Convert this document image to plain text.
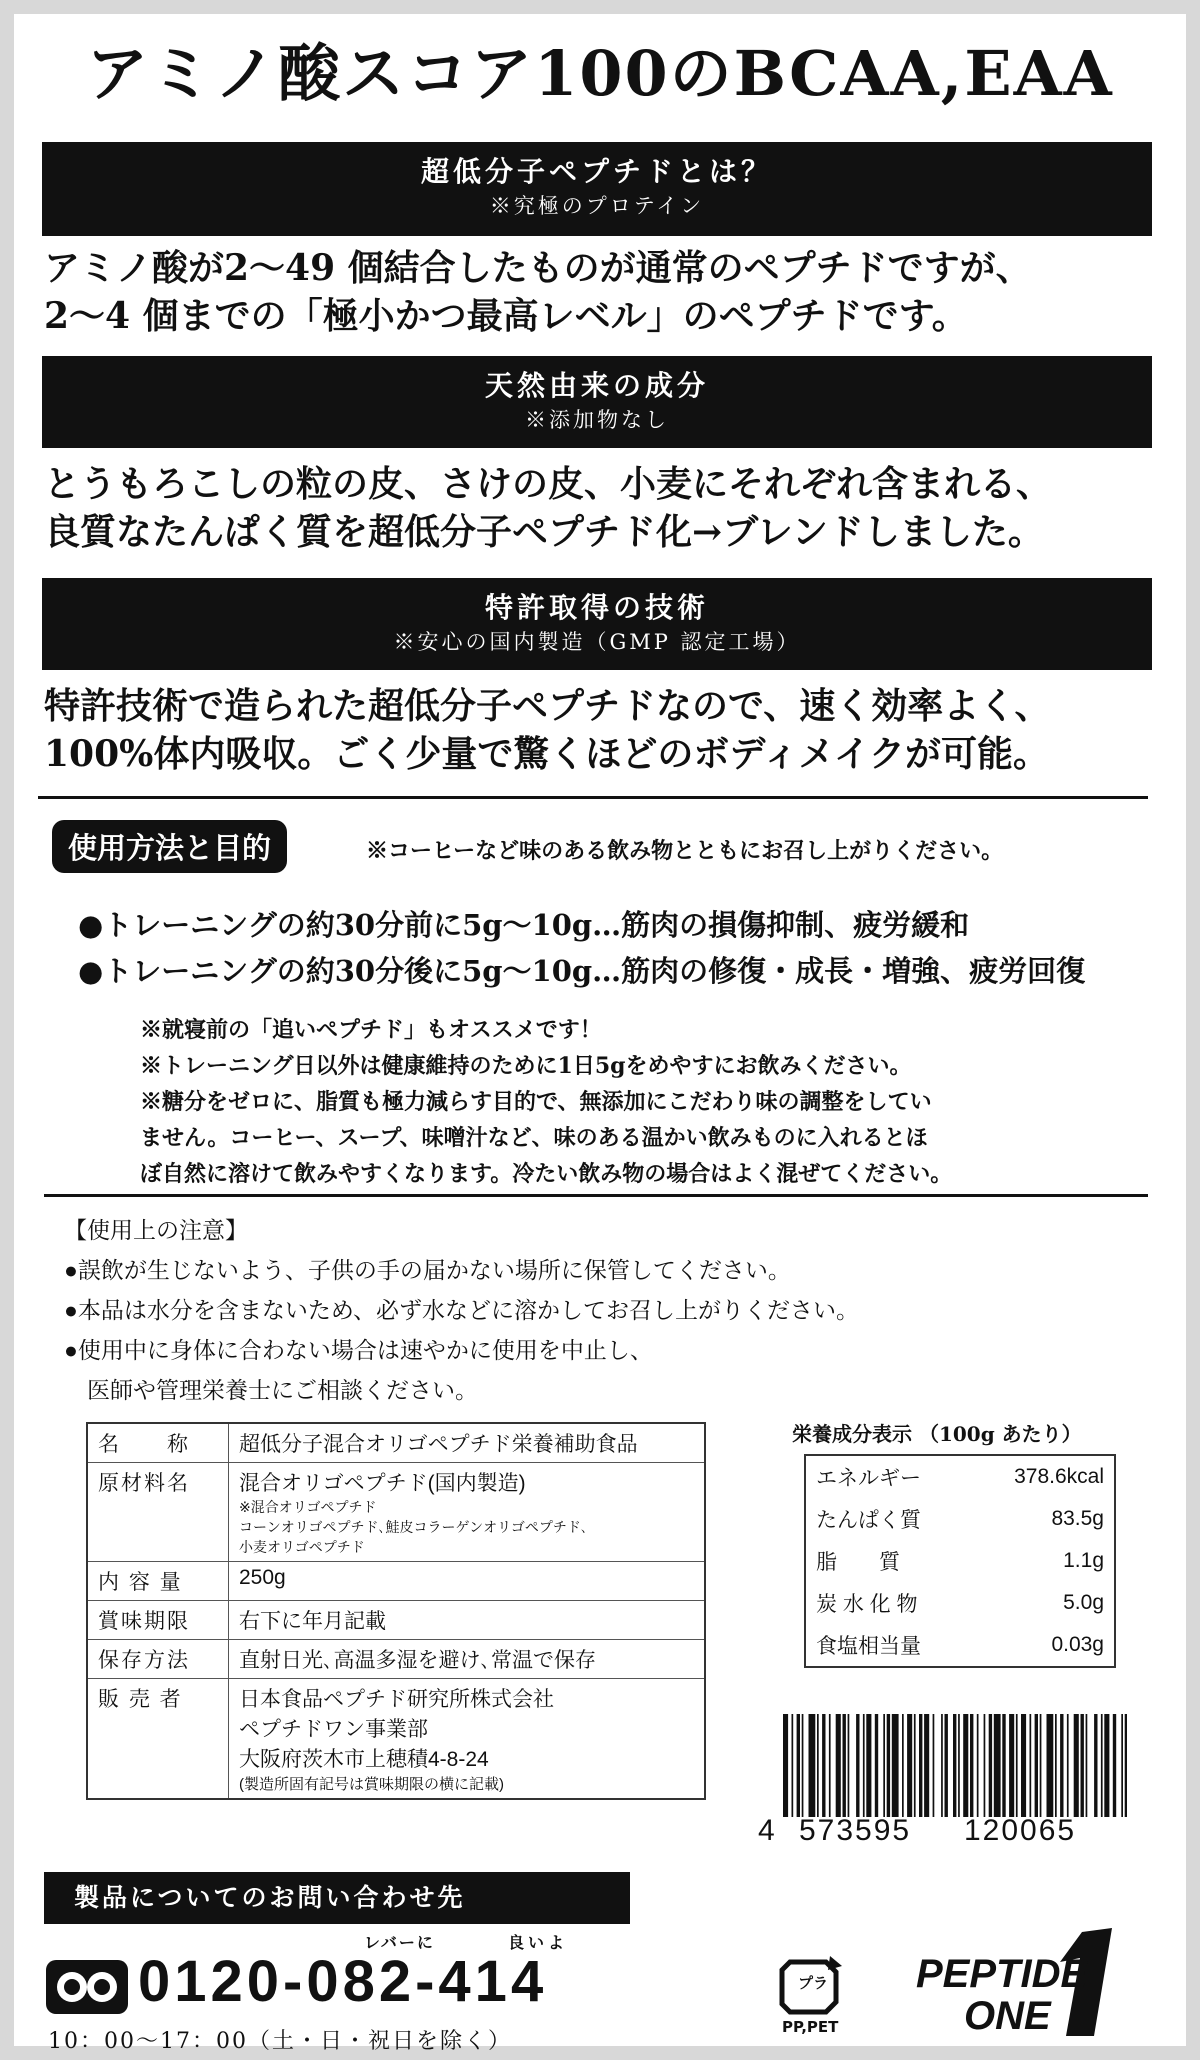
アミノ酸スコア100のBCAA,EAA
超低分子ペプチドとは？
※究極のプロテイン
アミノ酸が2～49 個結合したものが通常のペプチドですが、
2～4 個までの「極小かつ最高レベル」のペプチドです。
天然由来の成分
※添加物なし
とうもろこしの粒の皮、さけの皮、小麦にそれぞれ含まれる、
良質なたんぱく質を超低分子ペプチド化→ブレンドしました。
特許取得の技術
※安心の国内製造（GMP 認定工場）
特許技術で造られた超低分子ペプチドなので、速く効率よく、
100%体内吸収。ごく少量で驚くほどのボディメイクが可能。
使用方法と目的	※コーヒーなど味のある飲み物とともにお召し上がりください。
●トレーニングの約30分前に5g～10g…筋肉の損傷抑制、疲労緩和
●トレーニングの約30分後に5g～10g…筋肉の修復・成長・増強、疲労回復
※就寝前の「追いペプチド」もオススメです！
※トレーニング日以外は健康維持のために1日5gをめやすにお飲みください。
※糖分をゼロに、脂質も極力減らす目的で、無添加にこだわり味の調整をしてい
ません。コーヒー、スープ、味噌汁など、味のある温かい飲みものに入れるとほ
ぼ自然に溶けて飲みやすくなります。冷たい飲み物の場合はよく混ぜてください。
【使用上の注意】
●誤飲が生じないよう、子供の手の届かない場所に保管してください。
●本品は水分を含まないため、必ず水などに溶かしてお召し上がりください。
●使用中に身体に合わない場合は速やかに使用を中止し、
　医師や管理栄養士にご相談ください。
名　　称	超低分子混合オリゴペプチド栄養補助食品
原材料名	混合オリゴペプチド(国内製造)
※混合オリゴペプチド
コーンオリゴペプチド､鮭皮コラーゲンオリゴペプチド､
小麦オリゴペプチド

内 容 量	250g
賞味期限	右下に年月記載
保存方法	直射日光､高温多湿を避け､常温で保存
販 売 者	日本食品ペプチド研究所株式会社
ペプチドワン事業部
大阪府茨木市上穂積4-8-24
(製造所固有記号は賞味期限の横に記載)
栄養成分表示 （100g あたり）
エネルギー	378.6kcal
たんぱく質	83.5g
脂　　質	1.1g
炭 水 化 物	5.0g
食塩相当量	0.03g
4 573595 120065
製品についてのお問い合わせ先
レバーに	良いよ
0120-082-414
10：00～17：00（土・日・祝日を除く）
プラ
PP,PET
PEPTIDE
ONE
